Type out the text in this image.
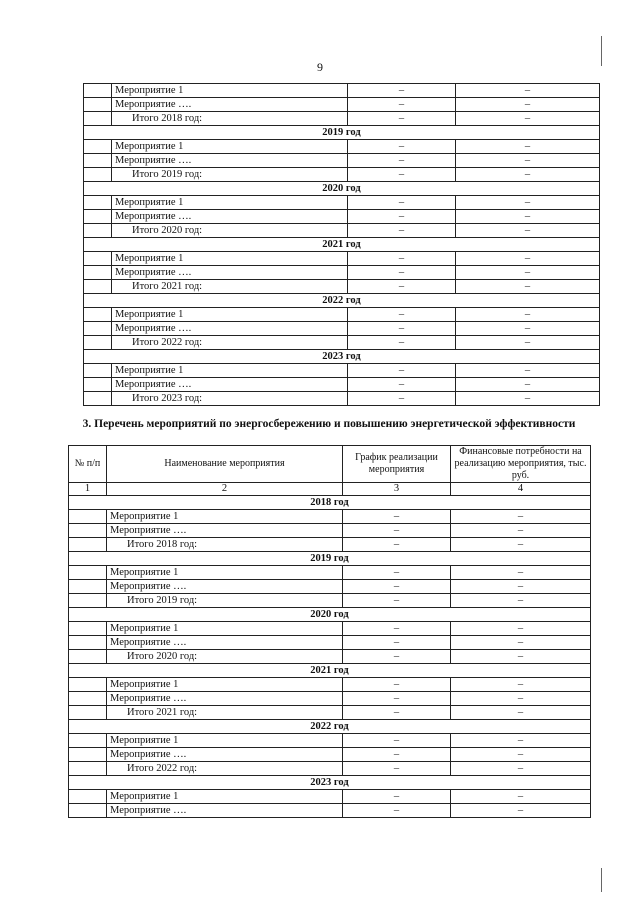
9
	Мероприятие 1	–	–
	Мероприятие ….	–	–
	Итого 2018 год:	–	–
2019 год			
	Мероприятие 1	–	–
	Мероприятие ….	–	–
	Итого 2019 год:	–	–
2020 год			
	Мероприятие 1	–	–
	Мероприятие ….	–	–
	Итого 2020 год:	–	–
2021 год			
	Мероприятие 1	–	–
	Мероприятие ….	–	–
	Итого 2021 год:	–	–
2022 год			
	Мероприятие 1	–	–
	Мероприятие ….	–	–
	Итого 2022 год:	–	–
2023 год			
	Мероприятие 1	–	–
	Мероприятие ….	–	–
	Итого 2023 год:	–	–
3. Перечень мероприятий по энергосбережению и повышению энергетической эффективности
№ п/п	Наименование мероприятия	График реализации мероприятия	Финансовые потребности на реализацию мероприятия, тыс. руб.
1	2	3	4
2018 год			
	Мероприятие 1	–	–
	Мероприятие ….	–	–
	Итого 2018 год:	–	–
2019 год			
	Мероприятие 1	–	–
	Мероприятие ….	–	–
	Итого 2019 год:	–	–
2020 год			
	Мероприятие 1	–	–
	Мероприятие ….	–	–
	Итого 2020 год:	–	–
2021 год			
	Мероприятие 1	–	–
	Мероприятие ….	–	–
	Итого 2021 год:	–	–
2022 год			
	Мероприятие 1	–	–
	Мероприятие ….	–	–
	Итого 2022 год:	–	–
2023 год			
	Мероприятие 1	–	–
	Мероприятие ….	–	–
